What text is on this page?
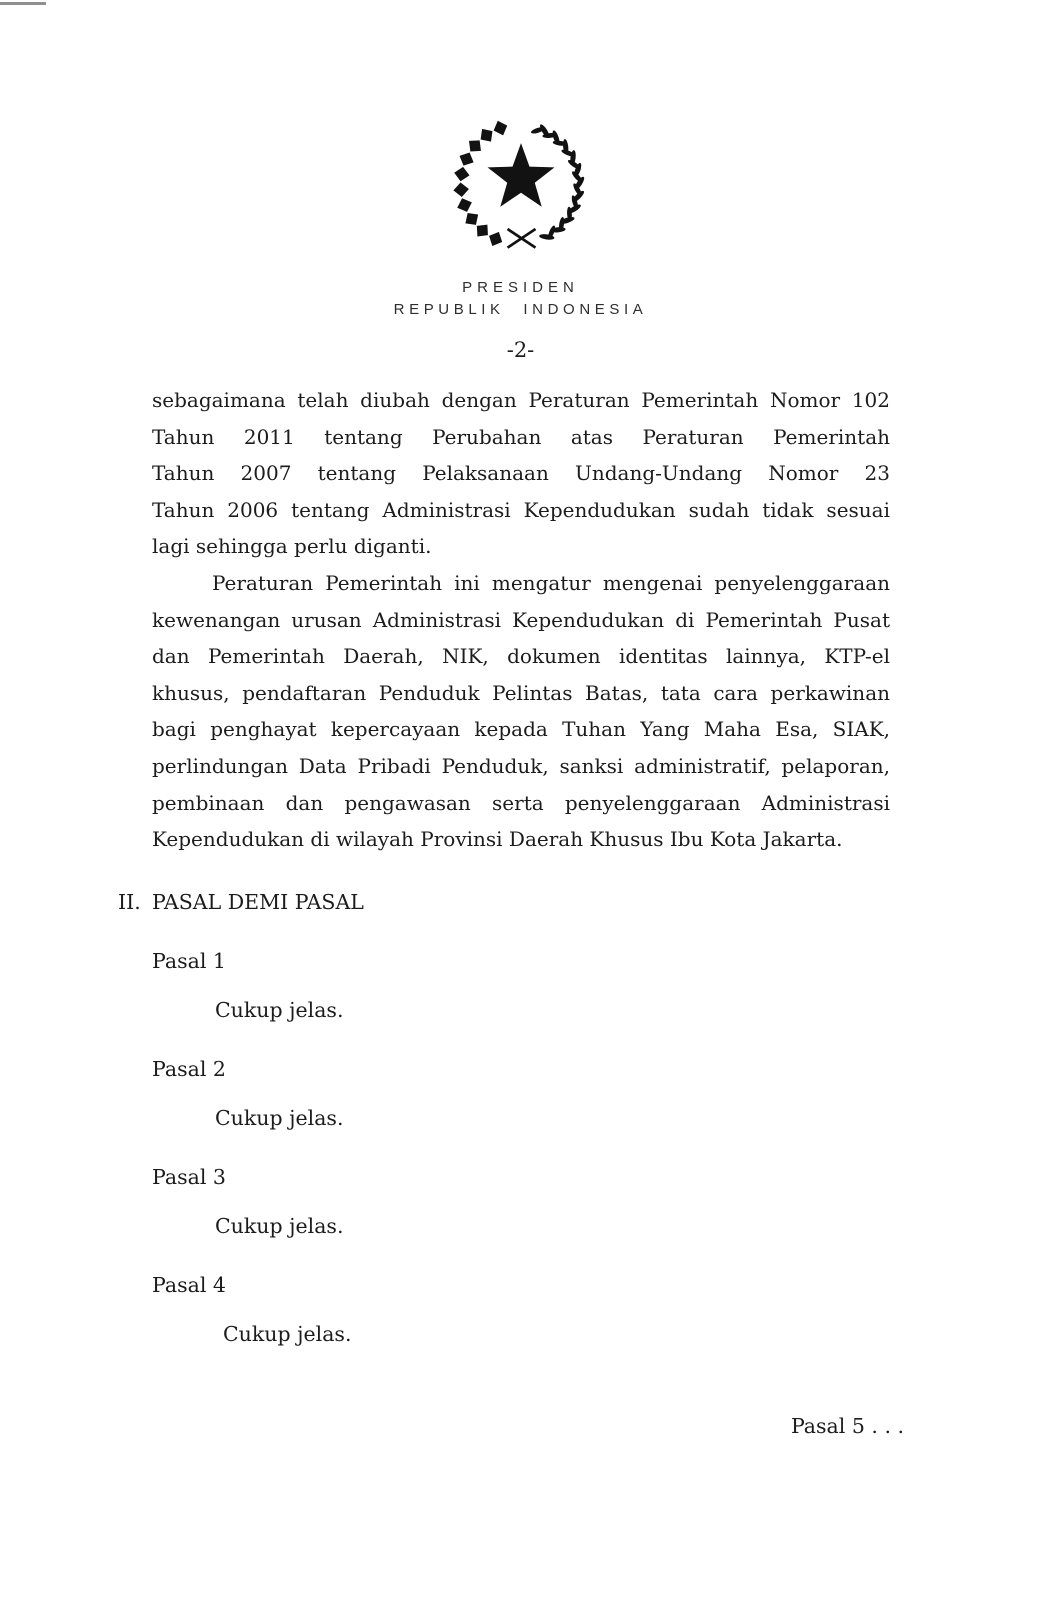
PRESIDEN
REPUBLIK INDONESIA
-2-
sebagaimana telah diubah dengan Peraturan Pemerintah Nomor 102
Tahun 2011 tentang Perubahan atas Peraturan Pemerintah
Tahun 2007 tentang Pelaksanaan Undang-Undang Nomor 23
Tahun 2006 tentang Administrasi Kependudukan sudah tidak sesuai
lagi sehingga perlu diganti.
Peraturan Pemerintah ini mengatur mengenai penyelenggaraan
kewenangan urusan Administrasi Kependudukan di Pemerintah Pusat
dan Pemerintah Daerah, NIK, dokumen identitas lainnya, KTP-el
khusus, pendaftaran Penduduk Pelintas Batas, tata cara perkawinan
bagi penghayat kepercayaan kepada Tuhan Yang Maha Esa, SIAK,
perlindungan Data Pribadi Penduduk, sanksi administratif, pelaporan,
pembinaan dan pengawasan serta penyelenggaraan Administrasi
Kependudukan di wilayah Provinsi Daerah Khusus Ibu Kota Jakarta.
II. PASAL DEMI PASAL
Pasal 1
Cukup jelas.
Pasal 2
Cukup jelas.
Pasal 3
Cukup jelas.
Pasal 4
Cukup jelas.
Pasal 5 . . .
